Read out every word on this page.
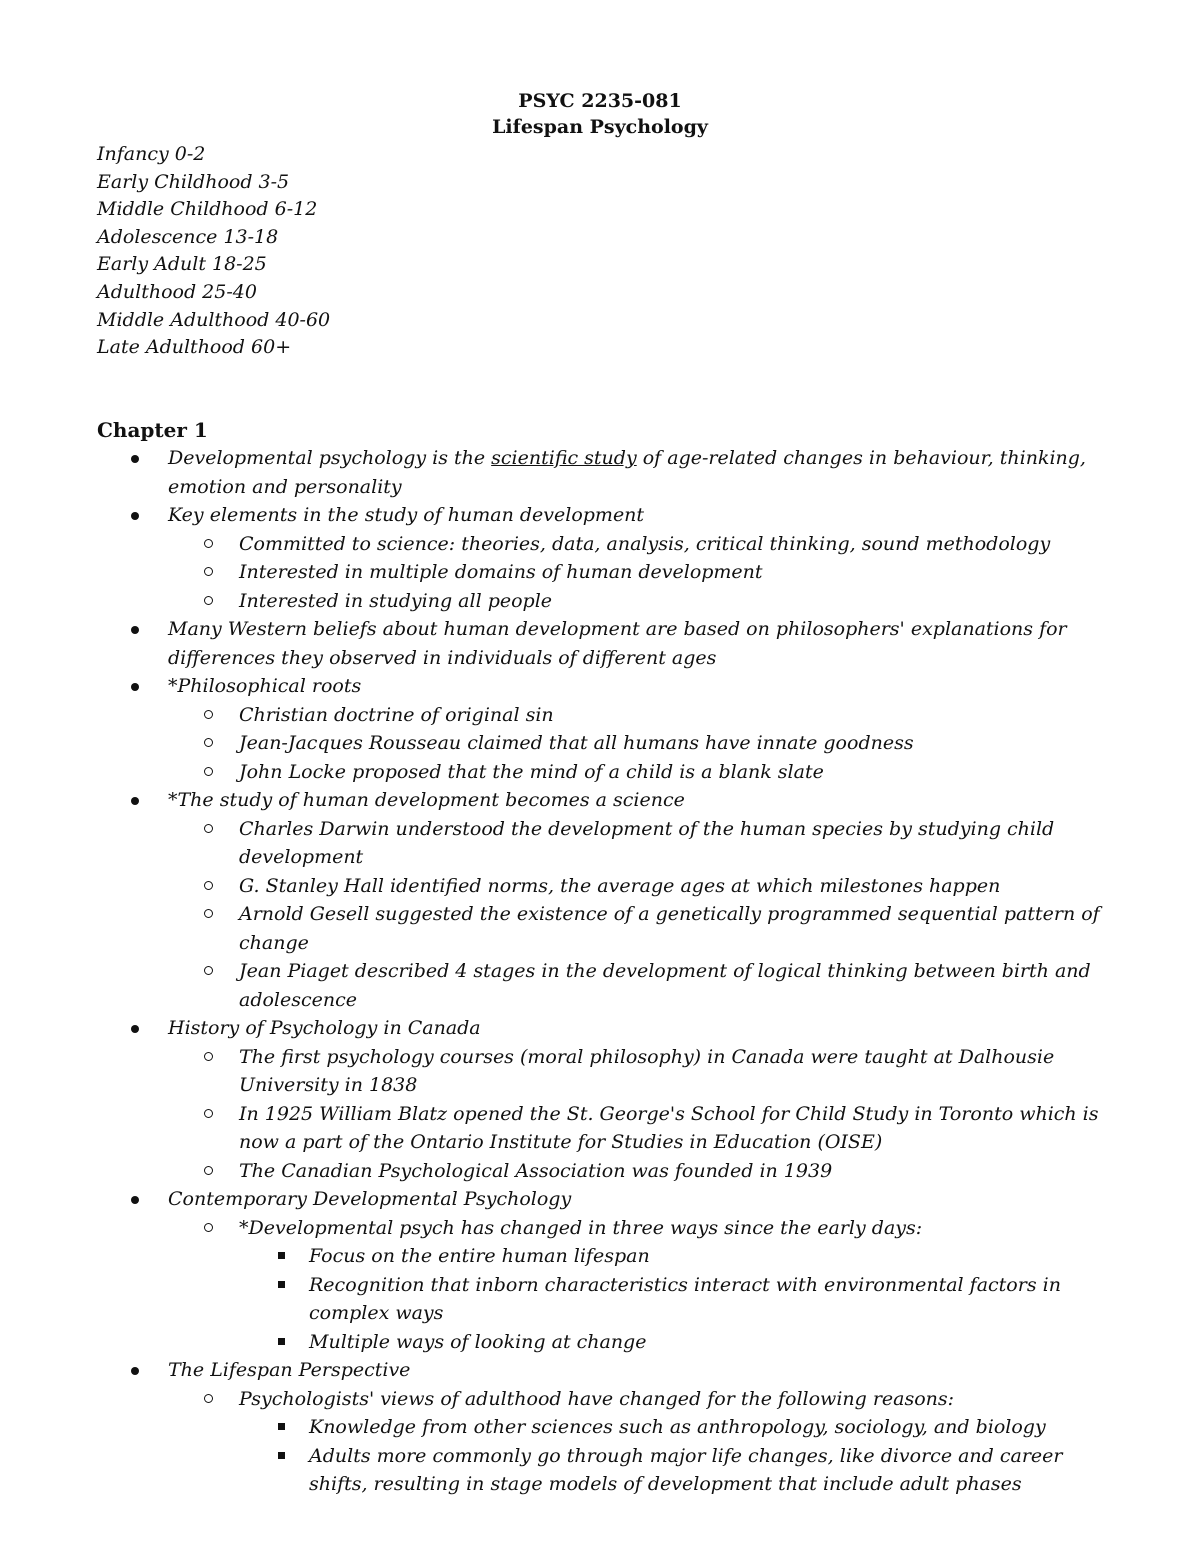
PSYC 2235-081
Lifespan Psychology
Infancy 0-2
Early Childhood 3-5
Middle Childhood 6-12
Adolescence 13-18
Early Adult 18-25
Adulthood 25-40
Middle Adulthood 40-60
Late Adulthood 60+
Chapter 1
Developmental psychology is the scientific study of age-related changes in behaviour, thinking,
emotion and personality
Key elements in the study of human development
Committed to science: theories, data, analysis, critical thinking, sound methodology
Interested in multiple domains of human development
Interested in studying all people
Many Western beliefs about human development are based on philosophers' explanations for
differences they observed in individuals of different ages
*Philosophical roots
Christian doctrine of original sin
Jean-Jacques Rousseau claimed that all humans have innate goodness
John Locke proposed that the mind of a child is a blank slate
*The study of human development becomes a science
Charles Darwin understood the development of the human species by studying child
development
G. Stanley Hall identified norms, the average ages at which milestones happen
Arnold Gesell suggested the existence of a genetically programmed sequential pattern of
change
Jean Piaget described 4 stages in the development of logical thinking between birth and
adolescence
History of Psychology in Canada
The first psychology courses (moral philosophy) in Canada were taught at Dalhousie
University in 1838
In 1925 William Blatz opened the St. George's School for Child Study in Toronto which is
now a part of the Ontario Institute for Studies in Education (OISE)
The Canadian Psychological Association was founded in 1939
Contemporary Developmental Psychology
*Developmental psych has changed in three ways since the early days:
Focus on the entire human lifespan
Recognition that inborn characteristics interact with environmental factors in
complex ways
Multiple ways of looking at change
The Lifespan Perspective
Psychologists' views of adulthood have changed for the following reasons:
Knowledge from other sciences such as anthropology, sociology, and biology
Adults more commonly go through major life changes, like divorce and career
shifts, resulting in stage models of development that include adult phases
